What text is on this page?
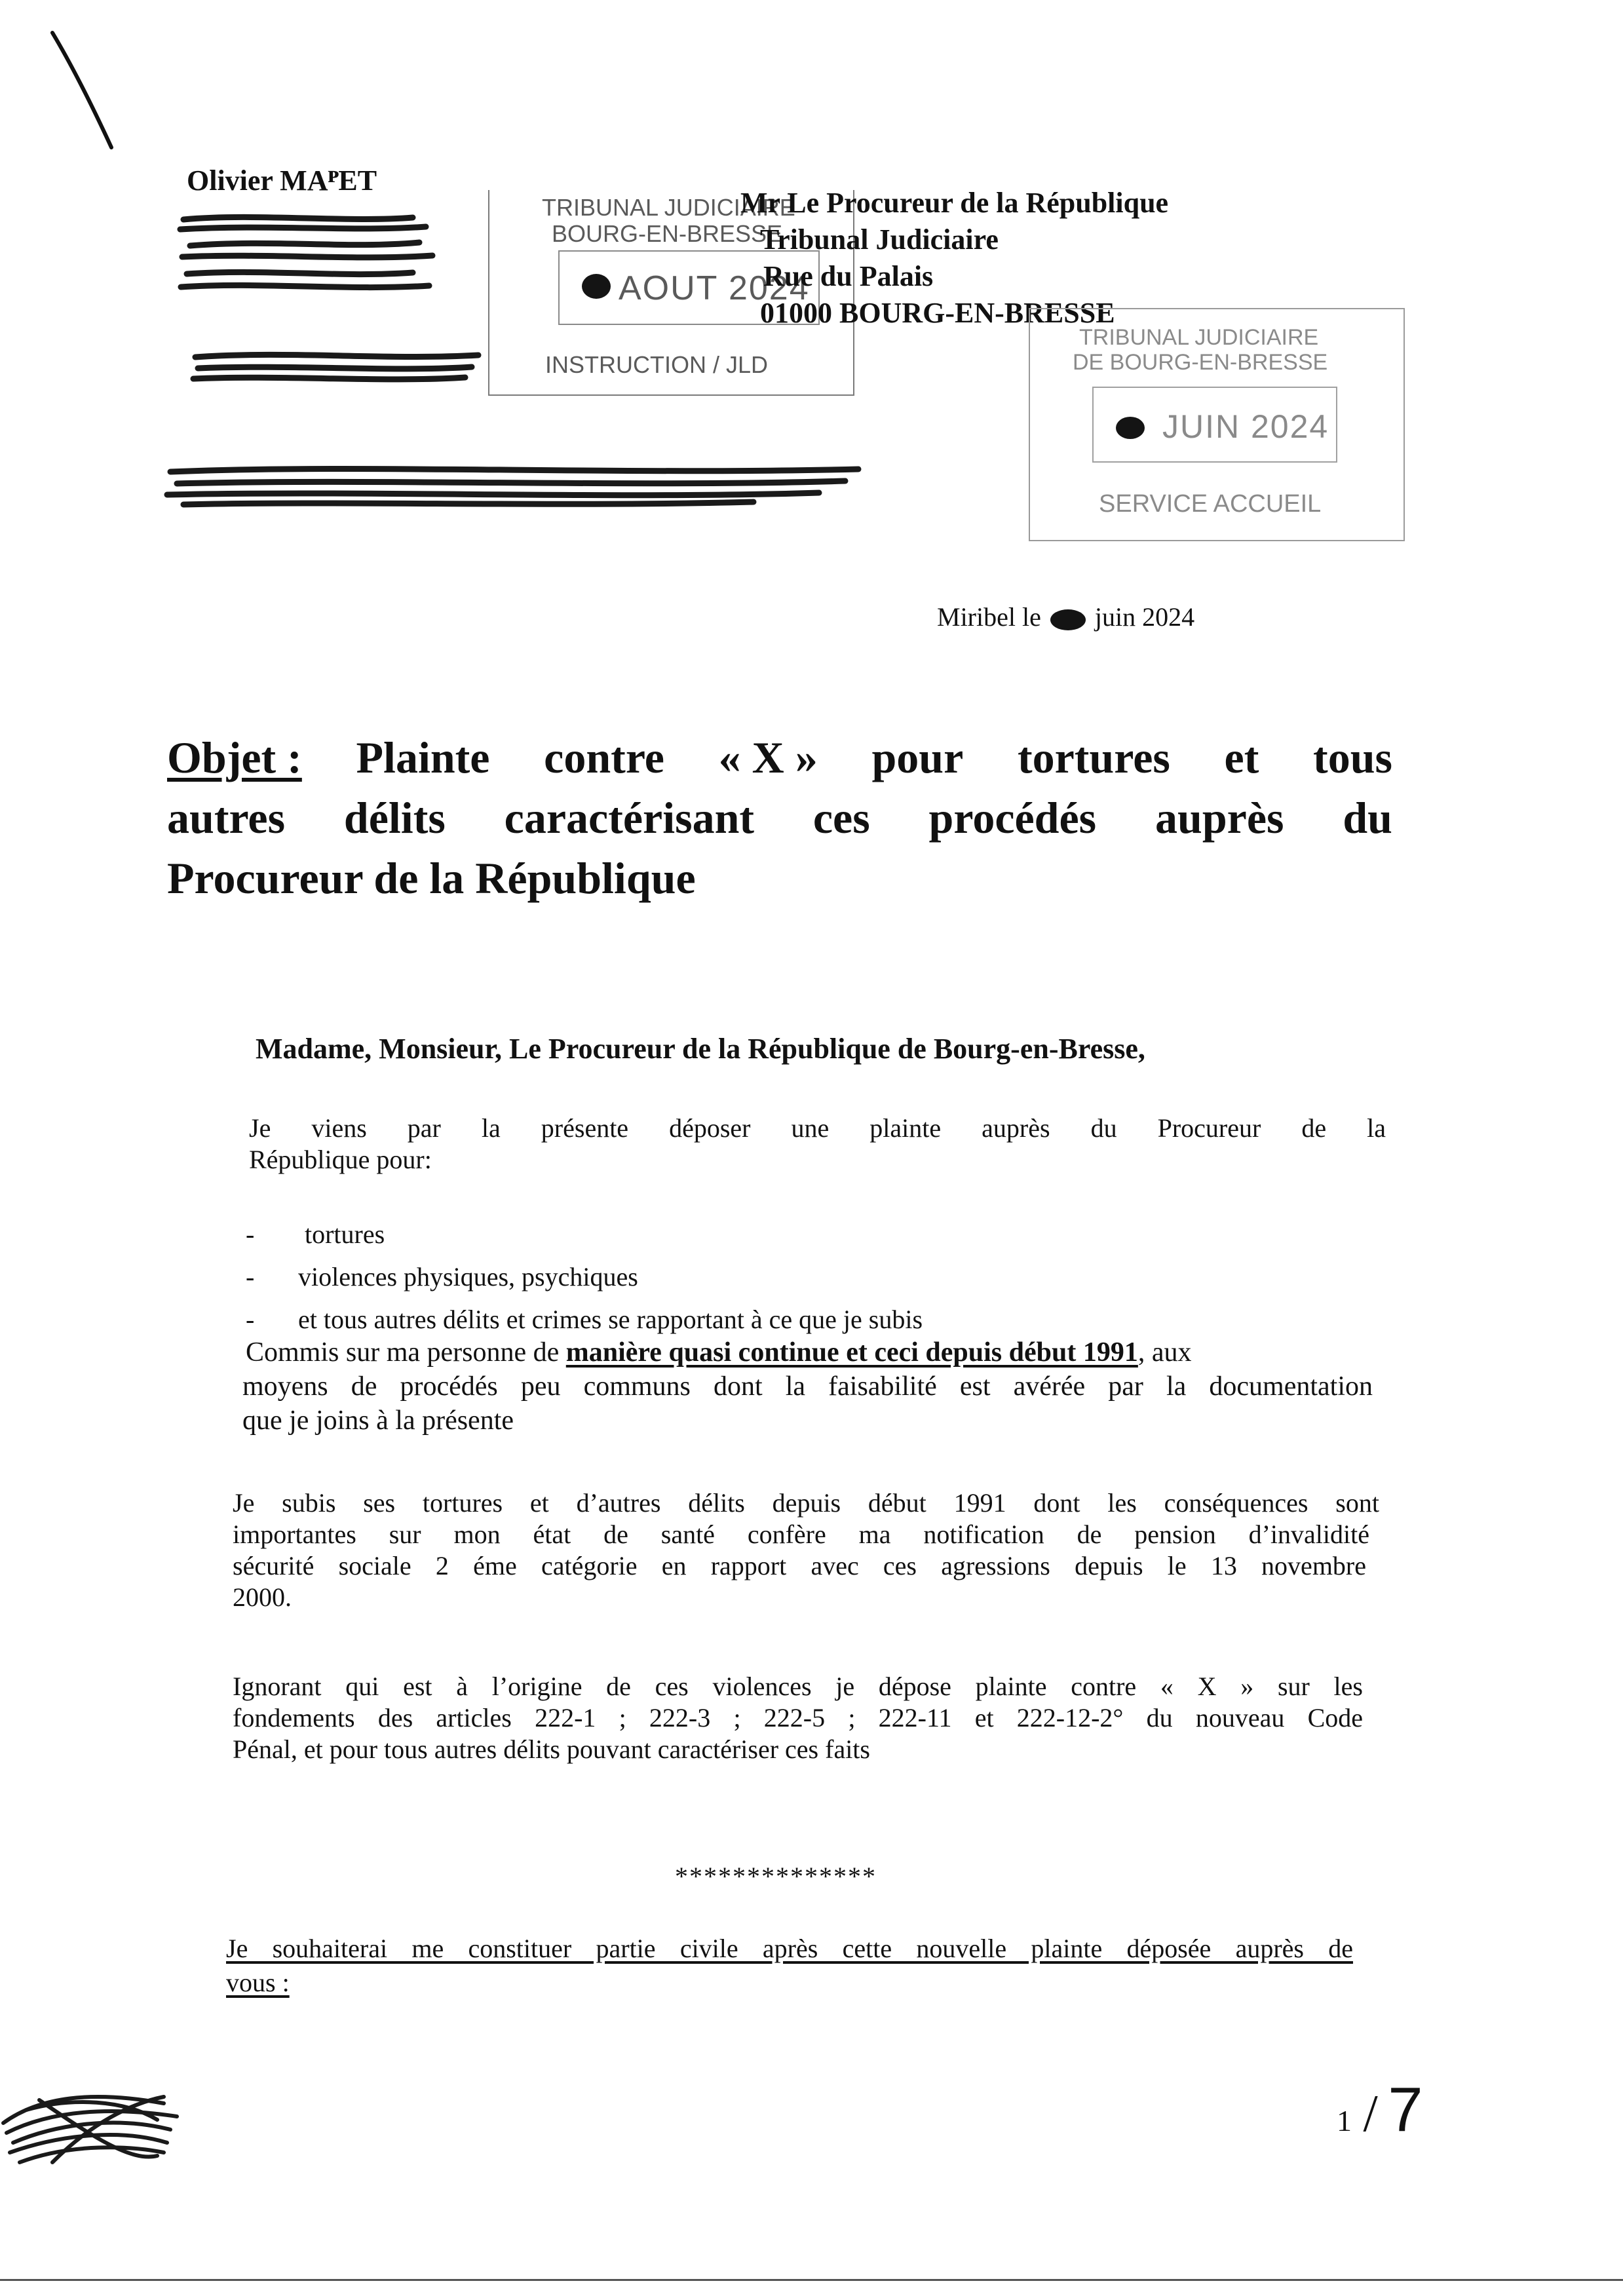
Olivier MAᴾET
TRIBUNAL JUDICIAIRE
BOURG-EN-BRESSE
AOUT 2024
INSTRUCTION / JLD
Mr Le Procureur de la République
Tribunal Judiciaire
Rue du Palais
01000 BOURG-EN-BRESSE
TRIBUNAL JUDICIAIRE
DE BOURG-EN-BRESSE
JUIN 2024
SERVICE ACCUEIL
Miribel le juin 2024
Objet : Plainte contre « X » pour tortures et tous
autres délits caractérisant ces procédés auprès du
Procureur de la République
Madame, Monsieur, Le Procureur de la République de Bourg-en-Bresse,
Je viens par la présente déposer une plainte auprès du Procureur de la
République pour:
- tortures
- violences physiques, psychiques
- et tous autres délits et crimes se rapportant à ce que je subis
Commis sur ma personne de manière quasi continue et ceci depuis début 1991, aux
moyens de procédés peu communs dont la faisabilité est avérée par la documentation
que je joins à la présente
Je subis ses tortures et d’autres délits depuis début 1991 dont les conséquences sont
importantes sur mon état de santé confère ma notification de pension d’invalidité
sécurité sociale 2 éme catégorie en rapport avec ces agressions depuis le 13 novembre
2000.
Ignorant qui est à l’origine de ces violences je dépose plainte contre « X » sur les
fondements des articles 222-1 ; 222-3 ; 222-5 ; 222-11 et 222-12-2° du nouveau Code
Pénal, et pour tous autres délits pouvant caractériser ces faits
**************
Je souhaiterai me constituer partie civile après cette nouvelle plainte déposée auprès de
vous :
1 / 7
